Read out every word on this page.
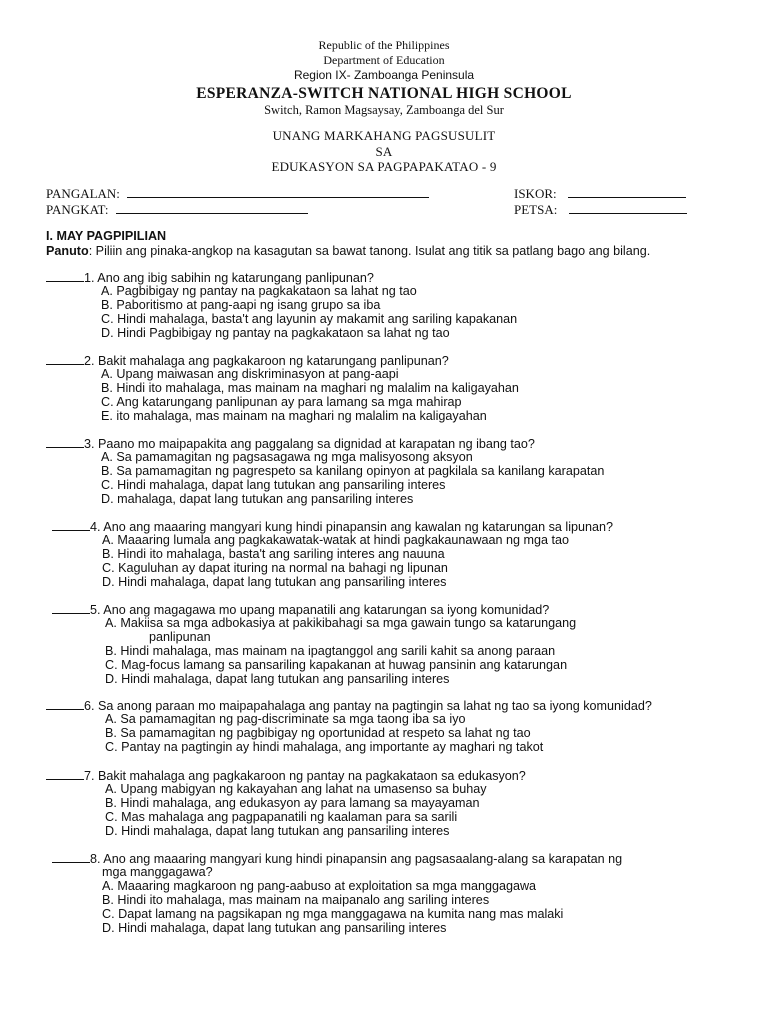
Republic of the Philippines
Department of Education
Region IX- Zamboanga Peninsula
ESPERANZA-SWITCH NATIONAL HIGH SCHOOL
Switch, Ramon Magsaysay, Zamboanga del Sur
UNANG MARKAHANG PAGSUSULIT
SA
EDUKASYON SA PAGPAPAKATAO - 9
PANGALAN:	ISKOR:
PANGKAT:	PETSA:
I. MAY PAGPIPILIAN
Panuto: Piliin ang pinaka-angkop na kasagutan sa bawat tanong. Isulat ang titik sa patlang bago ang bilang.
1. Ano ang ibig sabihin ng katarungang panlipunan?
A. Pagbibigay ng pantay na pagkakataon sa lahat ng tao
B. Paboritismo at pang-aapi ng isang grupo sa iba
C. Hindi mahalaga, basta't ang layunin ay makamit ang sariling kapakanan
D. Hindi Pagbibigay ng pantay na pagkakataon sa lahat ng tao
2. Bakit mahalaga ang pagkakaroon ng katarungang panlipunan?
A. Upang maiwasan ang diskriminasyon at pang-aapi
B. Hindi ito mahalaga, mas mainam na maghari ng malalim na kaligayahan
C. Ang katarungang panlipunan ay para lamang sa mga mahirap
E. ito mahalaga, mas mainam na maghari ng malalim na kaligayahan
3. Paano mo maipapakita ang paggalang sa dignidad at karapatan ng ibang tao?
A. Sa pamamagitan ng pagsasagawa ng mga malisyosong aksyon
B. Sa pamamagitan ng pagrespeto sa kanilang opinyon at pagkilala sa kanilang karapatan
C. Hindi mahalaga, dapat lang tutukan ang pansariling interes
D. mahalaga, dapat lang tutukan ang pansariling interes
4. Ano ang maaaring mangyari kung hindi pinapansin ang kawalan ng katarungan sa lipunan?
A. Maaaring lumala ang pagkakawatak-watak at hindi pagkakaunawaan ng mga tao
B. Hindi ito mahalaga, basta't ang sariling interes ang nauuna
C. Kaguluhan ay dapat ituring na normal na bahagi ng lipunan
D. Hindi mahalaga, dapat lang tutukan ang pansariling interes
5. Ano ang magagawa mo upang mapanatili ang katarungan sa iyong komunidad?
A. Makiisa sa mga adbokasiya at pakikibahagi sa mga gawain tungo sa katarungang
panlipunan
B. Hindi mahalaga, mas mainam na ipagtanggol ang sarili kahit sa anong paraan
C. Mag-focus lamang sa pansariling kapakanan at huwag pansinin ang katarungan
D. Hindi mahalaga, dapat lang tutukan ang pansariling interes
6. Sa anong paraan mo maipapahalaga ang pantay na pagtingin sa lahat ng tao sa iyong komunidad?
A. Sa pamamagitan ng pag-discriminate sa mga taong iba sa iyo
B. Sa pamamagitan ng pagbibigay ng oportunidad at respeto sa lahat ng tao
C. Pantay na pagtingin ay hindi mahalaga, ang importante ay maghari ng takot
7. Bakit mahalaga ang pagkakaroon ng pantay na pagkakataon sa edukasyon?
A. Upang mabigyan ng kakayahan ang lahat na umasenso sa buhay
B. Hindi mahalaga, ang edukasyon ay para lamang sa mayayaman
C. Mas mahalaga ang pagpapanatili ng kaalaman para sa sarili
D. Hindi mahalaga, dapat lang tutukan ang pansariling interes
8. Ano ang maaaring mangyari kung hindi pinapansin ang pagsasaalang-alang sa karapatan ng
mga manggagawa?
A. Maaaring magkaroon ng pang-aabuso at exploitation sa mga manggagawa
B. Hindi ito mahalaga, mas mainam na maipanalo ang sariling interes
C. Dapat lamang na pagsikapan ng mga manggagawa na kumita nang mas malaki
D. Hindi mahalaga, dapat lang tutukan ang pansariling interes
